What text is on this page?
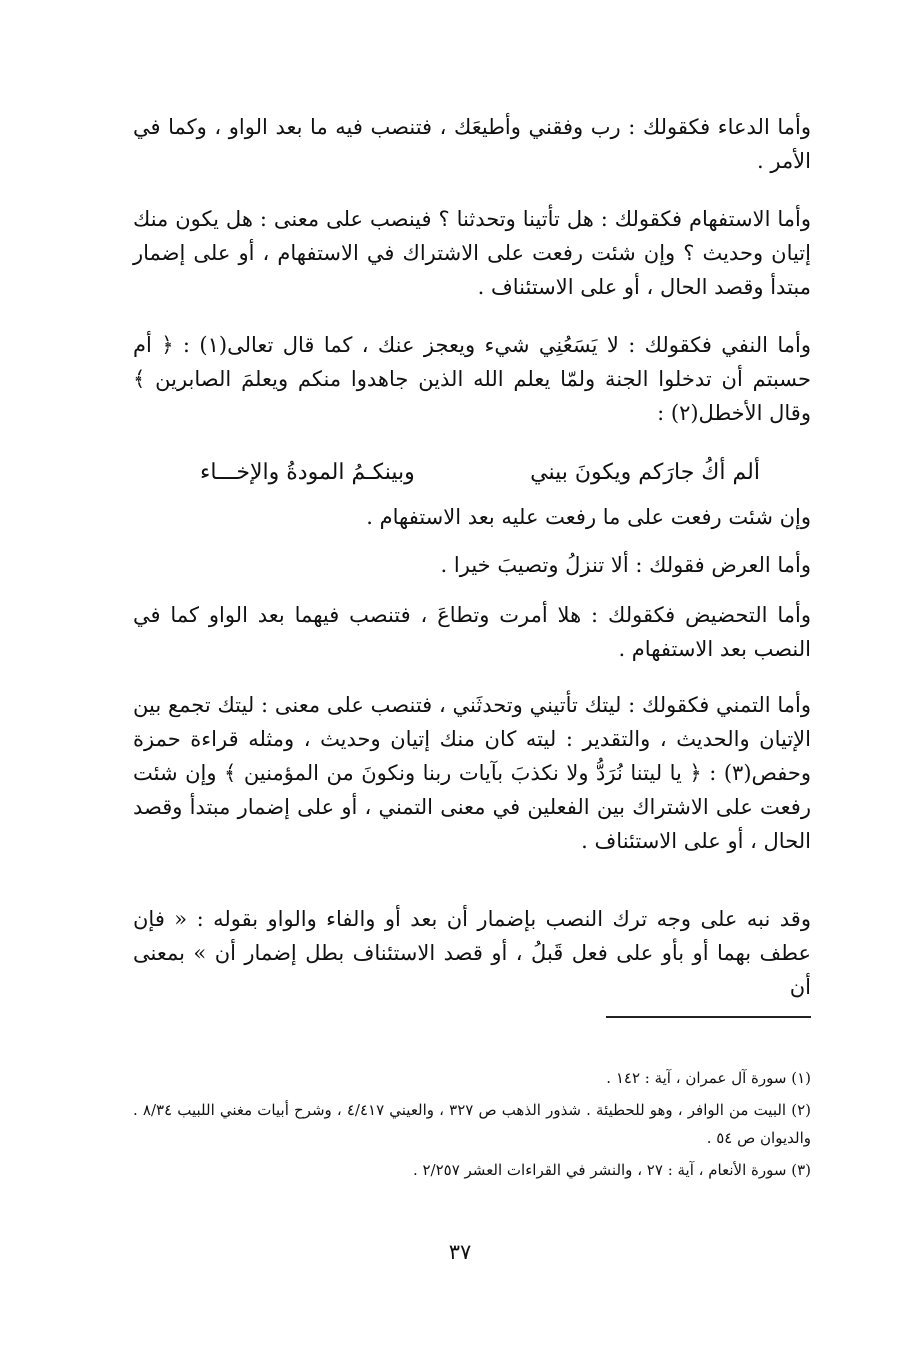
وأما الدعاء فكقولك : رب وفقني وأطيعَك ، فتنصب فيه ما بعد الواو ، وكما في الأمر .

وأما الاستفهام فكقولك : هل تأتينا وتحدثنا ؟ فينصب على معنى : هل يكون منك إتيان وحديث ؟ وإن شئت رفعت على الاشتراك في الاستفهام ، أو على إضمار مبتدأ وقصد الحال ، أو على الاستئناف .

وأما النفي فكقولك : لا يَسَعُنِي شيء ويعجز عنك ، كما قال تعالى(١) : ﴿ أم حسبتم أن تدخلوا الجنة ولمّا يعلم الله الذين جاهدوا منكم ويعلمَ الصابرين ﴾ وقال الأخطل(٢) :

ألم أكُ جارَكم ويكونَ بيني
وبينكـمُ المودةُ والإخـــاء

وإن شئت رفعت على ما رفعت عليه بعد الاستفهام .

وأما العرض فقولك : ألا تنزلُ وتصيبَ خيرا .

وأما التحضيض فكقولك : هلا أمرت وتطاعَ ، فتنصب فيهما بعد الواو كما في النصب بعد الاستفهام .

وأما التمني فكقولك : ليتك تأتيني وتحدثَني ، فتنصب على معنى : ليتك تجمع بين الإتيان والحديث ، والتقدير : ليته كان منك إتيان وحديث ، ومثله قراءة حمزة وحفص(٣) : ﴿ يا ليتنا نُرَدُّ ولا نكذبَ بآيات ربنا ونكونَ من المؤمنين ﴾ وإن شئت رفعت على الاشتراك بين الفعلين في معنى التمني ، أو على إضمار مبتدأ وقصد الحال ، أو على الاستئناف .

وقد نبه على وجه ترك النصب بإضمار أن بعد أو والفاء والواو بقوله : « فإن عطف بهما أو بأو على فعل قَبلُ ، أو قصد الاستئناف بطل إضمار أن » بمعنى أن

(١) سورة آل عمران ، آية : ١٤٢ .

(٢) البيت من الوافر ، وهو للحطيئة . شذور الذهب ص ٣٢٧ ، والعيني ٤/٤١٧ ، وشرح أبيات مغني اللبيب ٨/٣٤ . والديوان ص ٥٤ .

(٣) سورة الأنعام ، آية : ٢٧ ، والنشر في القراءات العشر ٢/٢٥٧ .

٣٧
